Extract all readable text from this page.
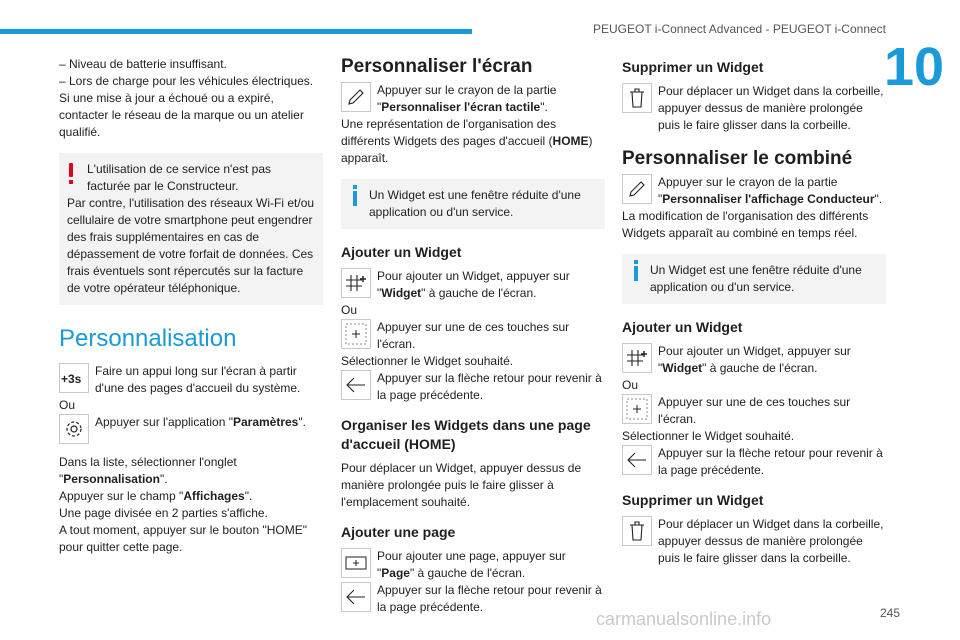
PEUGEOT i-Connect Advanced - PEUGEOT i-Connect
10

– Niveau de batterie insuffisant.

– Lors de charge pour les véhicules électriques.

Si une mise à jour a échoué ou a expiré, contacter le réseau de la marque ou un atelier qualifié.

L'utilisation de ce service n'est pas facturée par le Constructeur.
Par contre, l'utilisation des réseaux Wi-Fi et/ou cellulaire de votre smartphone peut engendrer des frais supplémentaires en cas de dépassement de votre forfait de données. Ces frais éventuels sont répercutés sur la facture de votre opérateur téléphonique.
Personnalisation
+3s
Faire un appui long sur l'écran à partir d'une des pages d'accueil du système.
Ou
Appuyer sur l'application "Paramètres".
Dans la liste, sélectionner l'onglet "Personnalisation".
Appuyer sur le champ "Affichages".
Une page divisée en 2 parties s'affiche.
A tout moment, appuyer sur le bouton "HOME" pour quitter cette page.
Personnaliser l'écran
Appuyer sur le crayon de la partie "Personnaliser l'écran tactile".

Une représentation de l'organisation des différents Widgets des pages d'accueil (HOME) apparaît.

Un Widget est une fenêtre réduite d'une application ou d'un service.
Ajouter un Widget
Pour ajouter un Widget, appuyer sur "Widget" à gauche de l'écran.
Ou
Appuyer sur une de ces touches sur l'écran.
Sélectionner le Widget souhaité.
Appuyer sur la flèche retour pour revenir à la page précédente.
Organiser les Widgets dans une page d'accueil (HOME)

Pour déplacer un Widget, appuyer dessus de manière prolongée puis le faire glisser à l'emplacement souhaité.

Ajouter une page
Pour ajouter une page, appuyer sur "Page" à gauche de l'écran.
Appuyer sur la flèche retour pour revenir à la page précédente.
Supprimer un Widget
Pour déplacer un Widget dans la corbeille, appuyer dessus de manière prolongée puis le faire glisser dans la corbeille.
Personnaliser le combiné
Appuyer sur le crayon de la partie "Personnaliser l'affichage Conducteur".

La modification de l'organisation des différents Widgets apparaît au combiné en temps réel.

Un Widget est une fenêtre réduite d'une application ou d'un service.
Ajouter un Widget
Pour ajouter un Widget, appuyer sur "Widget" à gauche de l'écran.
Ou
Appuyer sur une de ces touches sur l'écran.
Sélectionner le Widget souhaité.
Appuyer sur la flèche retour pour revenir à la page précédente.
Supprimer un Widget
Pour déplacer un Widget dans la corbeille, appuyer dessus de manière prolongée puis le faire glisser dans la corbeille.
carmanualsonline.info	245
